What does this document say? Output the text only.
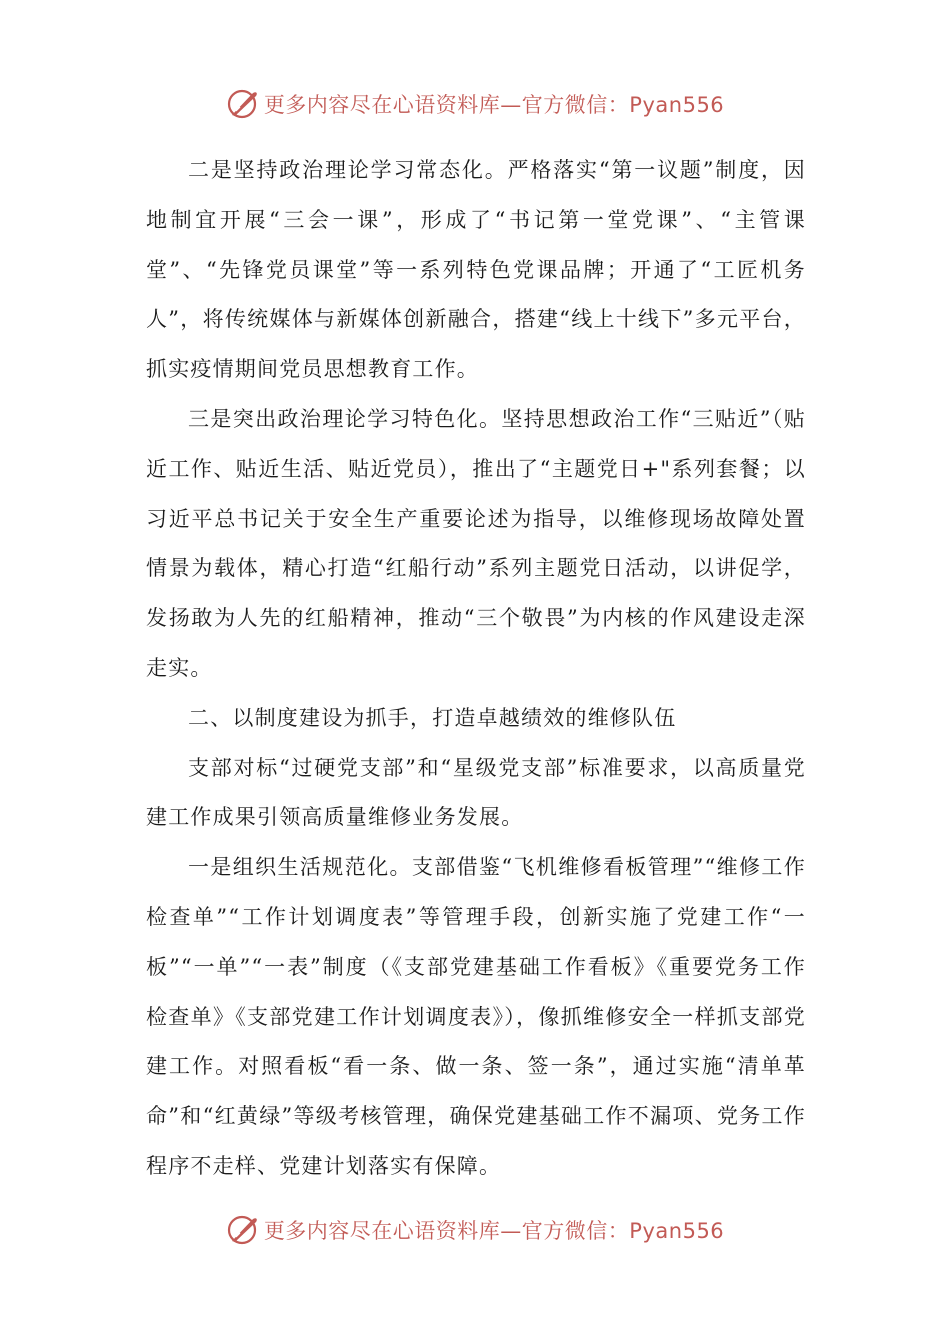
更多内容尽在心语资料库—官方微信：Pyan556

二是坚持政治理论学习常态化。严格落实“第一议题”制度，因地制宜开展“三会一课”，形成了“书记第一堂党课”、“主管课堂”、“先锋党员课堂”等一系列特色党课品牌；开通了“工匠机务人”，将传统媒体与新媒体创新融合，搭建“线上十线下”多元平台，抓实疫情期间党员思想教育工作。

三是突出政治理论学习特色化。坚持思想政治工作“三贴近”（贴近工作、贴近生活、贴近党员），推出了“主题党日+"系列套餐；以习近平总书记关于安全生产重要论述为指导，以维修现场故障处置情景为载体，精心打造“红船行动”系列主题党日活动，以讲促学，发扬敢为人先的红船精神，推动“三个敬畏”为内核的作风建设走深走实。

二、以制度建设为抓手，打造卓越绩效的维修队伍

支部对标“过硬党支部”和“星级党支部”标准要求，以高质量党建工作成果引领高质量维修业务发展。

一是组织生活规范化。支部借鉴“飞机维修看板管理”“维修工作检查单”“工作计划调度表”等管理手段，创新实施了党建工作“一板”“一单”“一表”制度（《支部党建基础工作看板》《重要党务工作检查单》《支部党建工作计划调度表》），像抓维修安全一样抓支部党建工作。对照看板“看一条、做一条、签一条”，通过实施“清单革命”和“红黄绿”等级考核管理，确保党建基础工作不漏项、党务工作程序不走样、党建计划落实有保障。

更多内容尽在心语资料库—官方微信：Pyan556
